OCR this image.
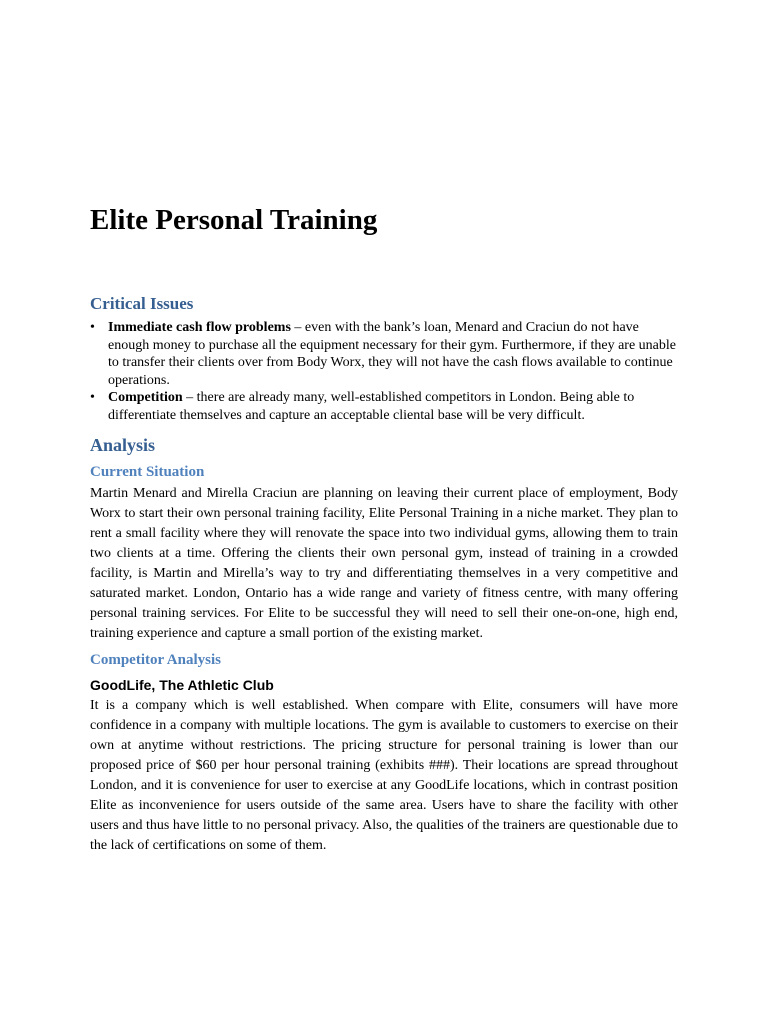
Elite Personal Training
Critical Issues
• Immediate cash flow problems – even with the bank’s loan, Menard and Craciun do not have enough money to purchase all the equipment necessary for their gym. Furthermore, if they are unable to transfer their clients over from Body Worx, they will not have the cash flows available to continue operations.
• Competition – there are already many, well-established competitors in London. Being able to differentiate themselves and capture an acceptable cliental base will be very difficult.
Analysis
Current Situation

Martin Menard and Mirella Craciun are planning on leaving their current place of employment, Body Worx to start their own personal training facility, Elite Personal Training in a niche market. They plan to rent a small facility where they will renovate the space into two individual gyms, allowing them to train two clients at a time. Offering the clients their own personal gym, instead of training in a crowded facility, is Martin and Mirella’s way to try and differentiating themselves in a very competitive and saturated market. London, Ontario has a wide range and variety of fitness centre, with many offering personal training services. For Elite to be successful they will need to sell their one-on-one, high end, training experience and capture a small portion of the existing market.

Competitor Analysis
GoodLife, The Athletic Club

It is a company which is well established. When compare with Elite, consumers will have more confidence in a company with multiple locations. The gym is available to customers to exercise on their own at anytime without restrictions. The pricing structure for personal training is lower than our proposed price of $60 per hour personal training (exhibits ###). Their locations are spread throughout London, and it is convenience for user to exercise at any GoodLife locations, which in contrast position Elite as inconvenience for users outside of the same area. Users have to share the facility with other users and thus have little to no personal privacy. Also, the qualities of the trainers are questionable due to the lack of certifications on some of them.
